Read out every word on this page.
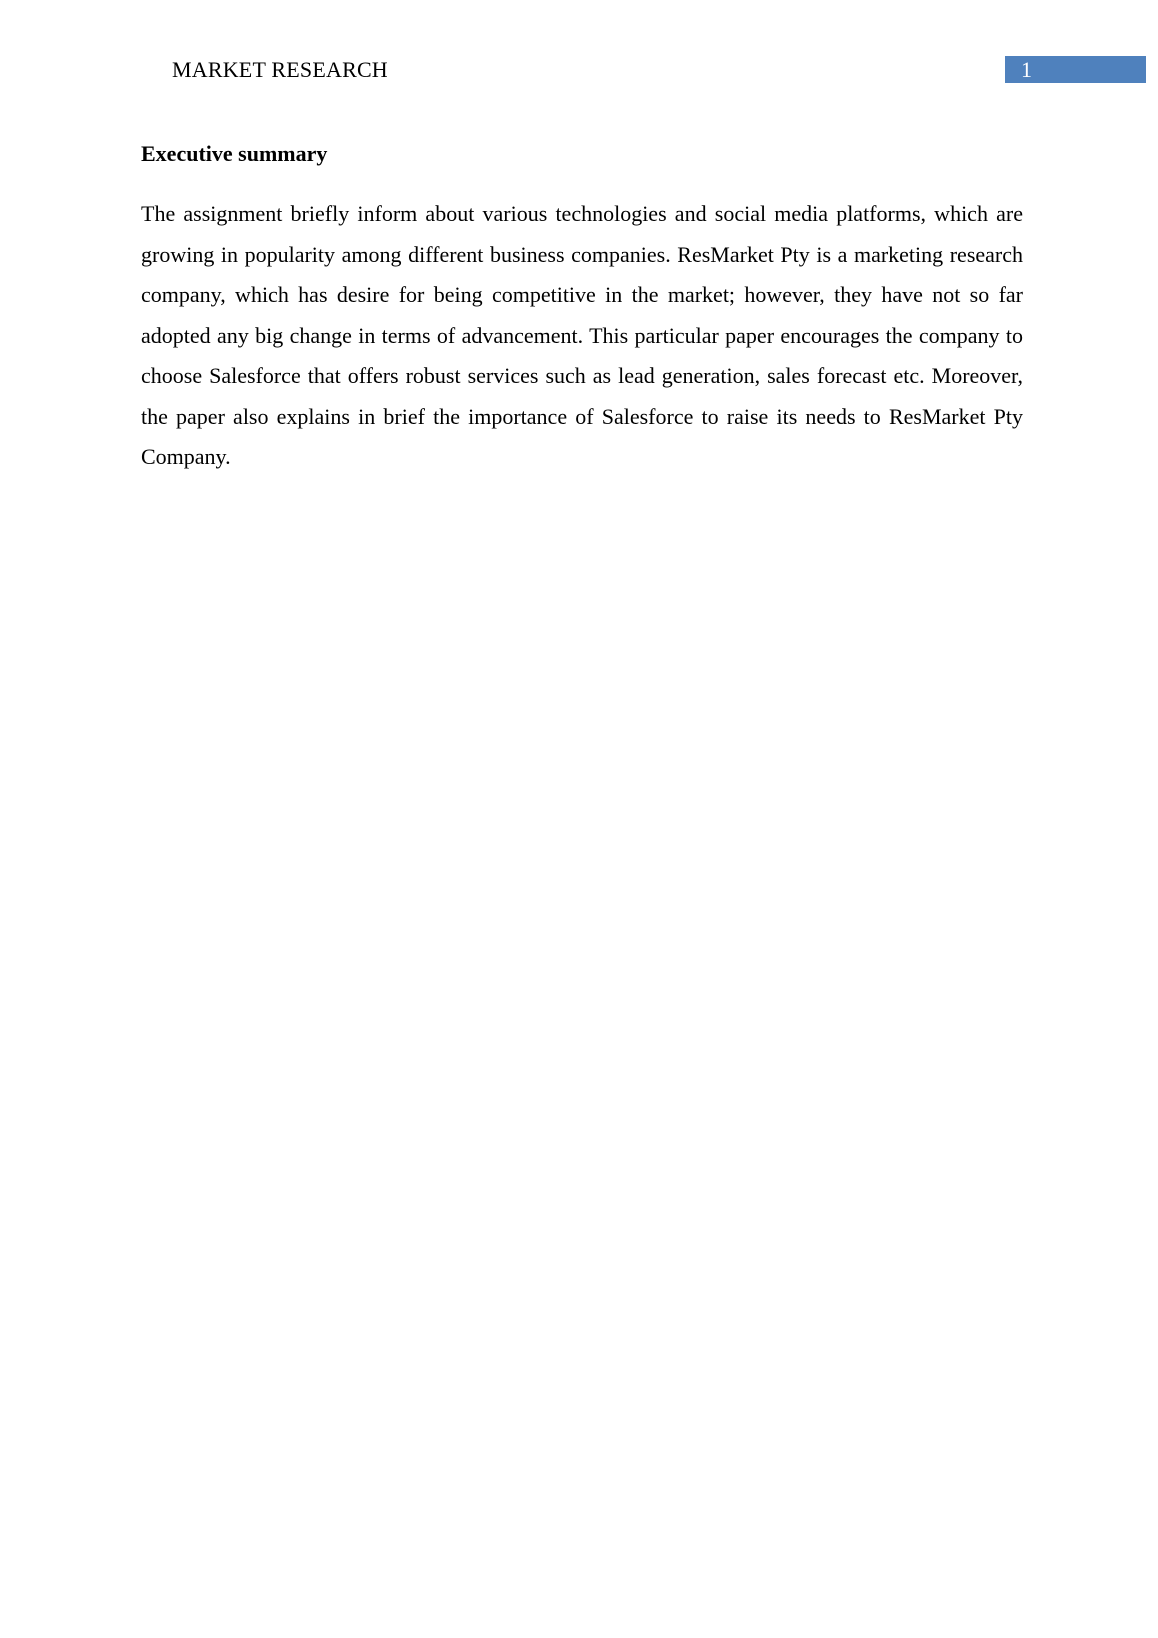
MARKET RESEARCH	1
Executive summary

The assignment briefly inform about various technologies and social media platforms, which are growing in popularity among different business companies. ResMarket Pty is a marketing research company, which has desire for being competitive in the market; however, they have not so far adopted any big change in terms of advancement. This particular paper encourages the company to choose Salesforce that offers robust services such as lead generation, sales forecast etc. Moreover, the paper also explains in brief the importance of Salesforce to raise its needs to ResMarket Pty Company.
